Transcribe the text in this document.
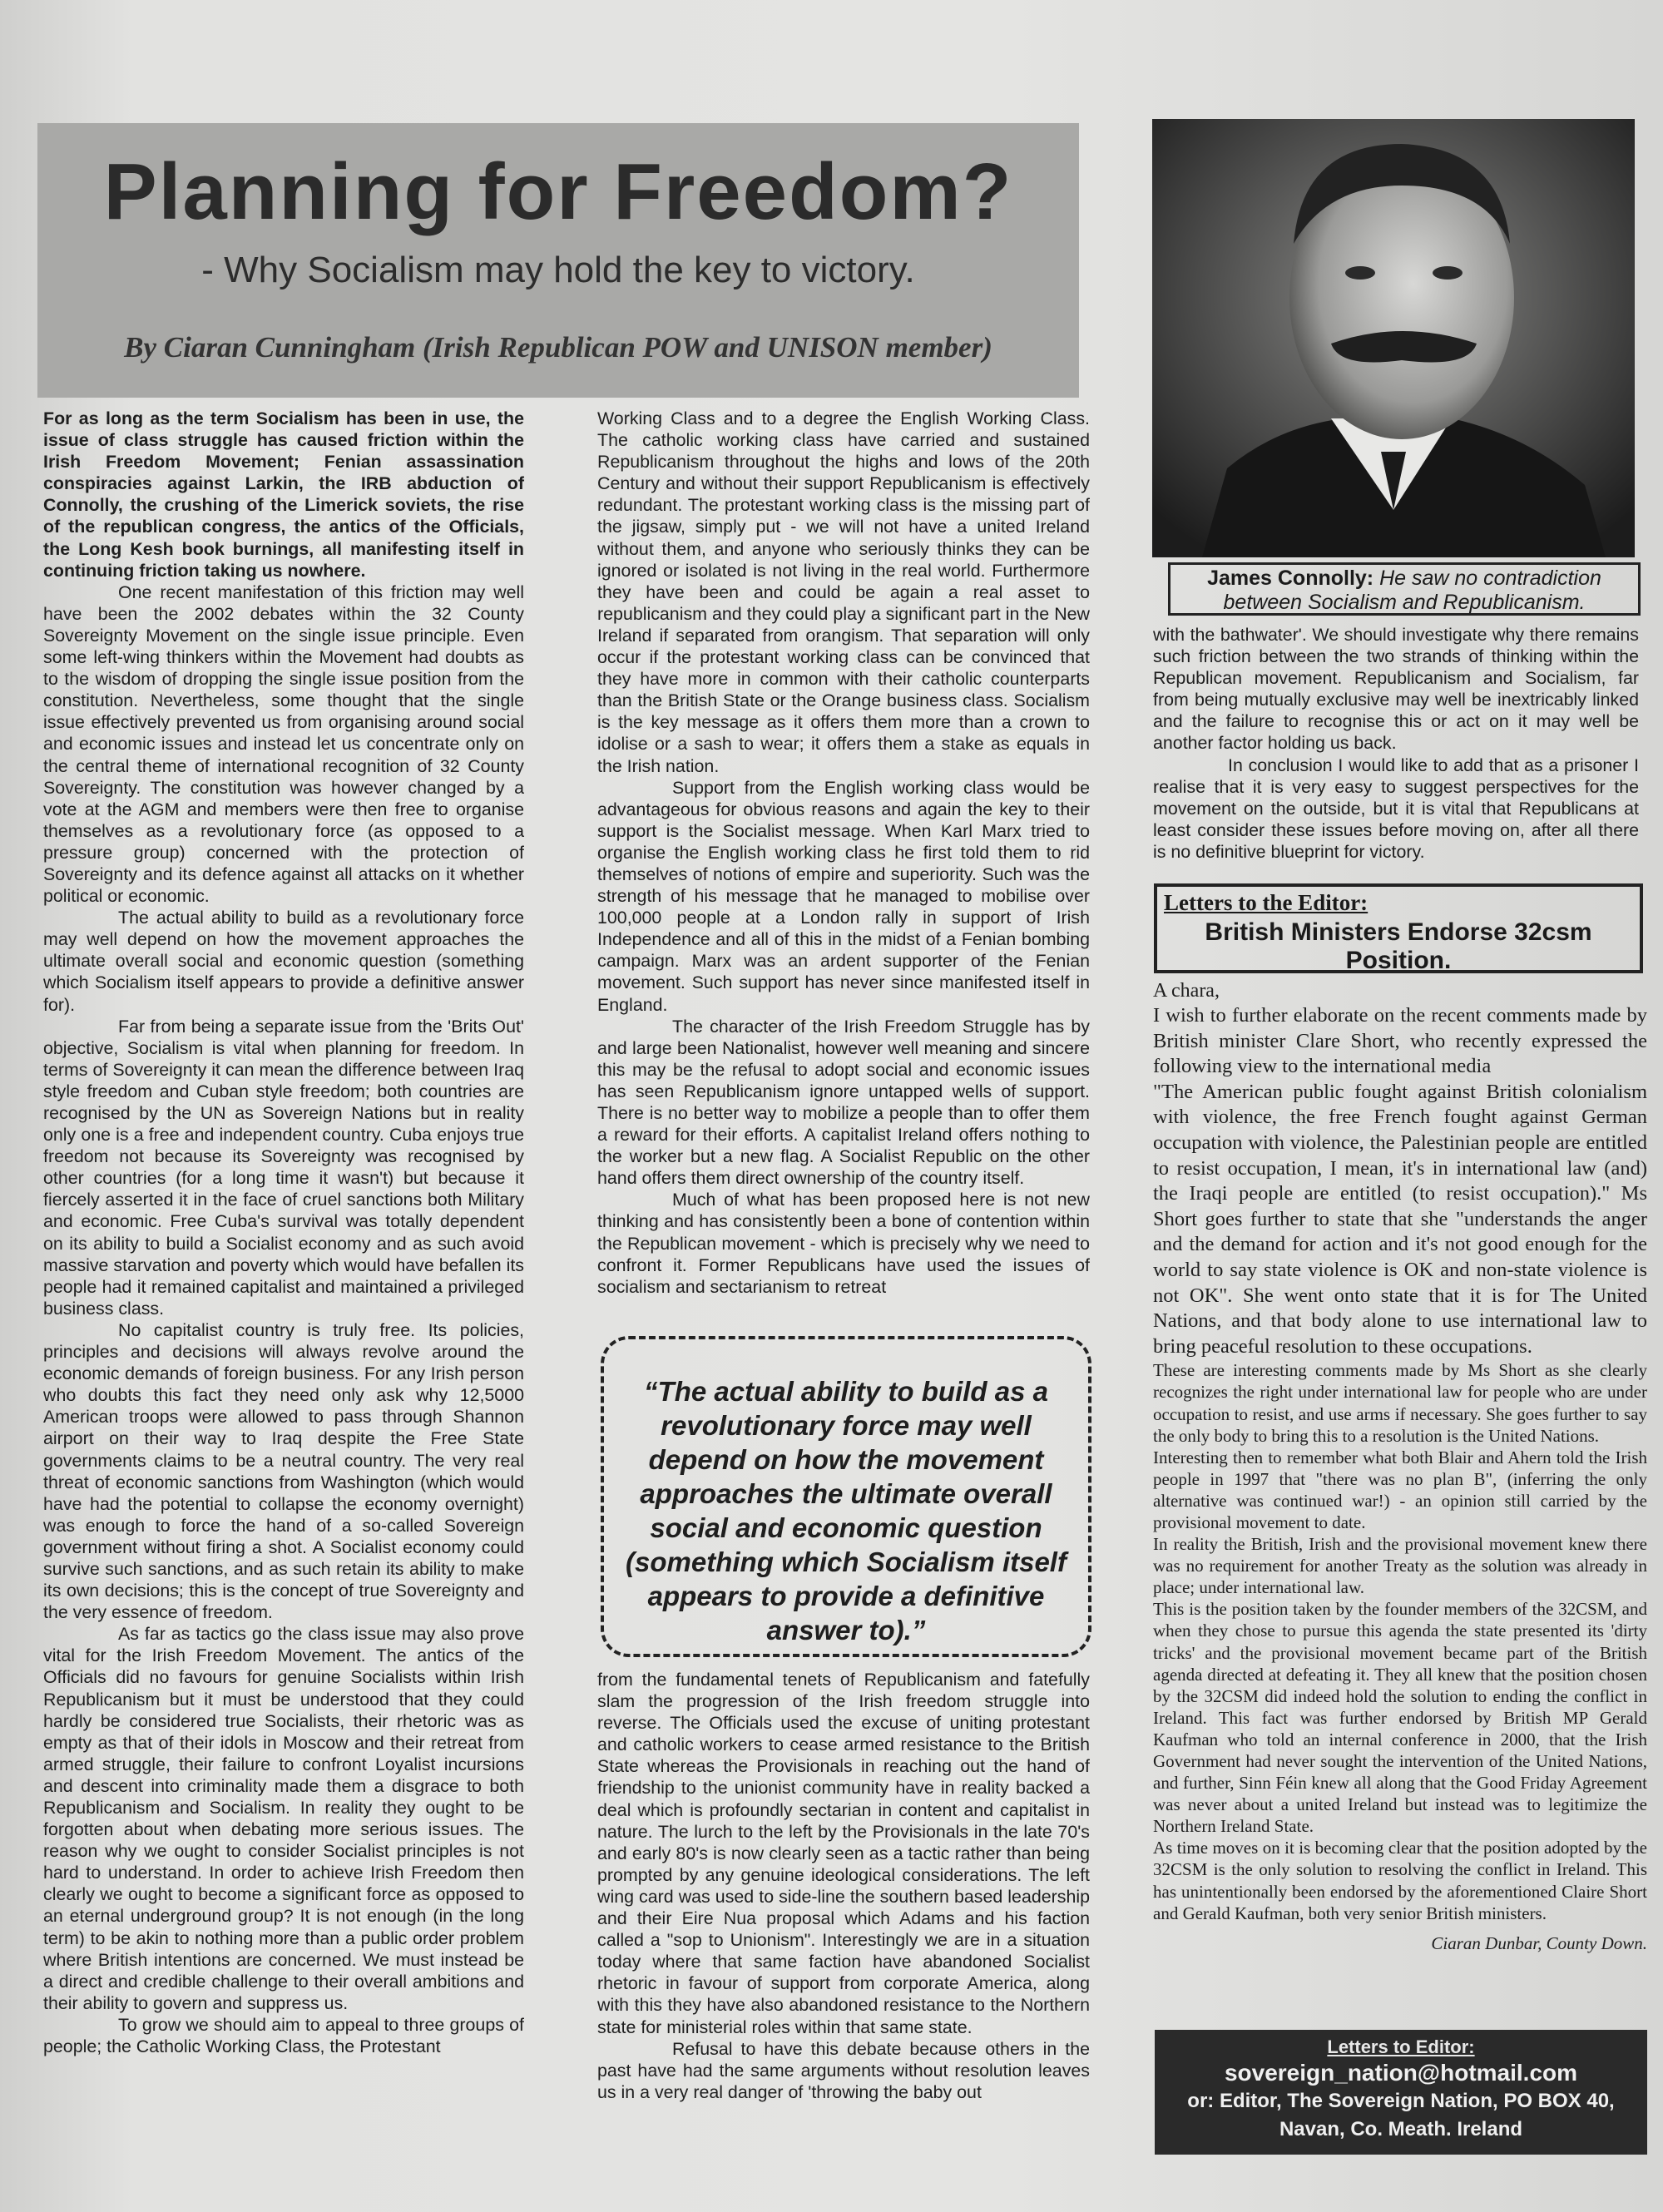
Planning for Freedom?
- Why Socialism may hold the key to victory.
By Ciaran Cunningham (Irish Republican POW and UNISON member)
James Connolly: He saw no contradiction between Socialism and Republicanism.

For as long as the term Socialism has been in use, the issue of class struggle has caused friction within the Irish Freedom Movement; Fenian assassination conspiracies against Larkin, the IRB abduction of Connolly, the crushing of the Limerick soviets, the rise of the republican congress, the antics of the Officials, the Long Kesh book burnings, all manifesting itself in continuing friction taking us nowhere.

One recent manifestation of this friction may well have been the 2002 debates within the 32 County Sovereignty Movement on the single issue principle. Even some left-wing thinkers within the Movement had doubts as to the wisdom of dropping the single issue position from the constitution. Nevertheless, some thought that the single issue effectively prevented us from organising around social and economic issues and instead let us concentrate only on the central theme of international recognition of 32 County Sovereignty. The constitution was however changed by a vote at the AGM and members were then free to organise themselves as a revolutionary force (as opposed to a pressure group) concerned with the protection of Sovereignty and its defence against all attacks on it whether political or economic.

The actual ability to build as a revolutionary force may well depend on how the movement approaches the ultimate overall social and economic question (something which Socialism itself appears to provide a definitive answer for).

Far from being a separate issue from the 'Brits Out' objective, Socialism is vital when planning for freedom. In terms of Sovereignty it can mean the difference between Iraq style freedom and Cuban style freedom; both countries are recognised by the UN as Sovereign Nations but in reality only one is a free and independent country. Cuba enjoys true freedom not because its Sovereignty was recognised by other countries (for a long time it wasn't) but because it fiercely asserted it in the face of cruel sanctions both Military and economic. Free Cuba's survival was totally dependent on its ability to build a Socialist economy and as such avoid massive starvation and poverty which would have befallen its people had it remained capitalist and maintained a privileged business class.

No capitalist country is truly free. Its policies, principles and decisions will always revolve around the economic demands of foreign business. For any Irish person who doubts this fact they need only ask why 12,5000 American troops were allowed to pass through Shannon airport on their way to Iraq despite the Free State governments claims to be a neutral country. The very real threat of economic sanctions from Washington (which would have had the potential to collapse the economy overnight) was enough to force the hand of a so-called Sovereign government without firing a shot. A Socialist economy could survive such sanctions, and as such retain its ability to make its own decisions; this is the concept of true Sovereignty and the very essence of freedom.

As far as tactics go the class issue may also prove vital for the Irish Freedom Movement. The antics of the Officials did no favours for genuine Socialists within Irish Republicanism but it must be understood that they could hardly be considered true Socialists, their rhetoric was as empty as that of their idols in Moscow and their retreat from armed struggle, their failure to confront Loyalist incursions and descent into criminality made them a disgrace to both Republicanism and Socialism. In reality they ought to be forgotten about when debating more serious issues. The reason why we ought to consider Socialist principles is not hard to understand. In order to achieve Irish Freedom then clearly we ought to become a significant force as opposed to an eternal underground group? It is not enough (in the long term) to be akin to nothing more than a public order problem where British intentions are concerned. We must instead be a direct and credible challenge to their overall ambitions and their ability to govern and suppress us.

To grow we should aim to appeal to three groups of people; the Catholic Working Class, the Protestant

Working Class and to a degree the English Working Class. The catholic working class have carried and sustained Republicanism throughout the highs and lows of the 20th Century and without their support Republicanism is effectively redundant. The protestant working class is the missing part of the jigsaw, simply put - we will not have a united Ireland without them, and anyone who seriously thinks they can be ignored or isolated is not living in the real world. Furthermore they have been and could be again a real asset to republicanism and they could play a significant part in the New Ireland if separated from orangism. That separation will only occur if the protestant working class can be convinced that they have more in common with their catholic counterparts than the British State or the Orange business class. Socialism is the key message as it offers them more than a crown to idolise or a sash to wear; it offers them a stake as equals in the Irish nation.

Support from the English working class would be advantageous for obvious reasons and again the key to their support is the Socialist message. When Karl Marx tried to organise the English working class he first told them to rid themselves of notions of empire and superiority. Such was the strength of his message that he managed to mobilise over 100,000 people at a London rally in support of Irish Independence and all of this in the midst of a Fenian bombing campaign. Marx was an ardent supporter of the Fenian movement. Such support has never since manifested itself in England.

The character of the Irish Freedom Struggle has by and large been Nationalist, however well meaning and sincere this may be the refusal to adopt social and economic issues has seen Republicanism ignore untapped wells of support. There is no better way to mobilize a people than to offer them a reward for their efforts. A capitalist Ireland offers nothing to the worker but a new flag. A Socialist Republic on the other hand offers them direct ownership of the country itself.

Much of what has been proposed here is not new thinking and has consistently been a bone of contention within the Republican movement - which is precisely why we need to confront it. Former Republicans have used the issues of socialism and sectarianism to retreat

“The actual ability to build as a revolutionary force may well depend on how the movement approaches the ultimate overall social and economic question (something which Socialism itself appears to provide a definitive answer to).”

from the fundamental tenets of Republicanism and fatefully slam the progression of the Irish freedom struggle into reverse. The Officials used the excuse of uniting protestant and catholic workers to cease armed resistance to the British State whereas the Provisionals in reaching out the hand of friendship to the unionist community have in reality backed a deal which is profoundly sectarian in content and capitalist in nature. The lurch to the left by the Provisionals in the late 70's and early 80's is now clearly seen as a tactic rather than being prompted by any genuine ideological considerations. The left wing card was used to side-line the southern based leadership and their Eire Nua proposal which Adams and his faction called a "sop to Unionism". Interestingly we are in a situation today where that same faction have abandoned Socialist rhetoric in favour of support from corporate America, along with this they have also abandoned resistance to the Northern state for ministerial roles within that same state.

Refusal to have this debate because others in the past have had the same arguments without resolution leaves us in a very real danger of 'throwing the baby out

with the bathwater'. We should investigate why there remains such friction between the two strands of thinking within the Republican movement. Republicanism and Socialism, far from being mutually exclusive may well be inextricably linked and the failure to recognise this or act on it may well be another factor holding us back.

In conclusion I would like to add that as a prisoner I realise that it is very easy to suggest perspectives for the movement on the outside, but it is vital that Republicans at least consider these issues before moving on, after all there is no definitive blueprint for victory.

Letters to the Editor:
British Ministers Endorse 32csm Position.

A chara,

I wish to further elaborate on the recent comments made by British minister Clare Short, who recently expressed the following view to the international media

"The American public fought against British colonialism with violence, the free French fought against German occupation with violence, the Palestinian people are entitled to resist occupation, I mean, it's in international law (and) the Iraqi people are entitled (to resist occupation)." Ms Short goes further to state that she "understands the anger and the demand for action and it's not good enough for the world to say state violence is OK and non-state violence is not OK". She went onto state that it is for The United Nations, and that body alone to use international law to bring peaceful resolution to these occupations.

These are interesting comments made by Ms Short as she clearly recognizes the right under international law for people who are under occupation to resist, and use arms if necessary. She goes further to say the only body to bring this to a resolution is the United Nations.

Interesting then to remember what both Blair and Ahern told the Irish people in 1997 that "there was no plan B", (inferring the only alternative was continued war!) - an opinion still carried by the provisional movement to date.

In reality the British, Irish and the provisional movement knew there was no requirement for another Treaty as the solution was already in place; under international law.

This is the position taken by the founder members of the 32CSM, and when they chose to pursue this agenda the state presented its 'dirty tricks' and the provisional movement became part of the British agenda directed at defeating it. They all knew that the position chosen by the 32CSM did indeed hold the solution to ending the conflict in Ireland. This fact was further endorsed by British MP Gerald Kaufman who told an internal conference in 2000, that the Irish Government had never sought the intervention of the United Nations, and further, Sinn Féin knew all along that the Good Friday Agreement was never about a united Ireland but instead was to legitimize the Northern Ireland State.

As time moves on it is becoming clear that the position adopted by the 32CSM is the only solution to resolving the conflict in Ireland. This has unintentionally been endorsed by the aforementioned Claire Short and Gerald Kaufman, both very senior British ministers.

Ciaran Dunbar, County Down.

Letters to Editor:
sovereign_nation@hotmail.com
or: Editor, The Sovereign Nation, PO BOX 40,
Navan, Co. Meath. Ireland
